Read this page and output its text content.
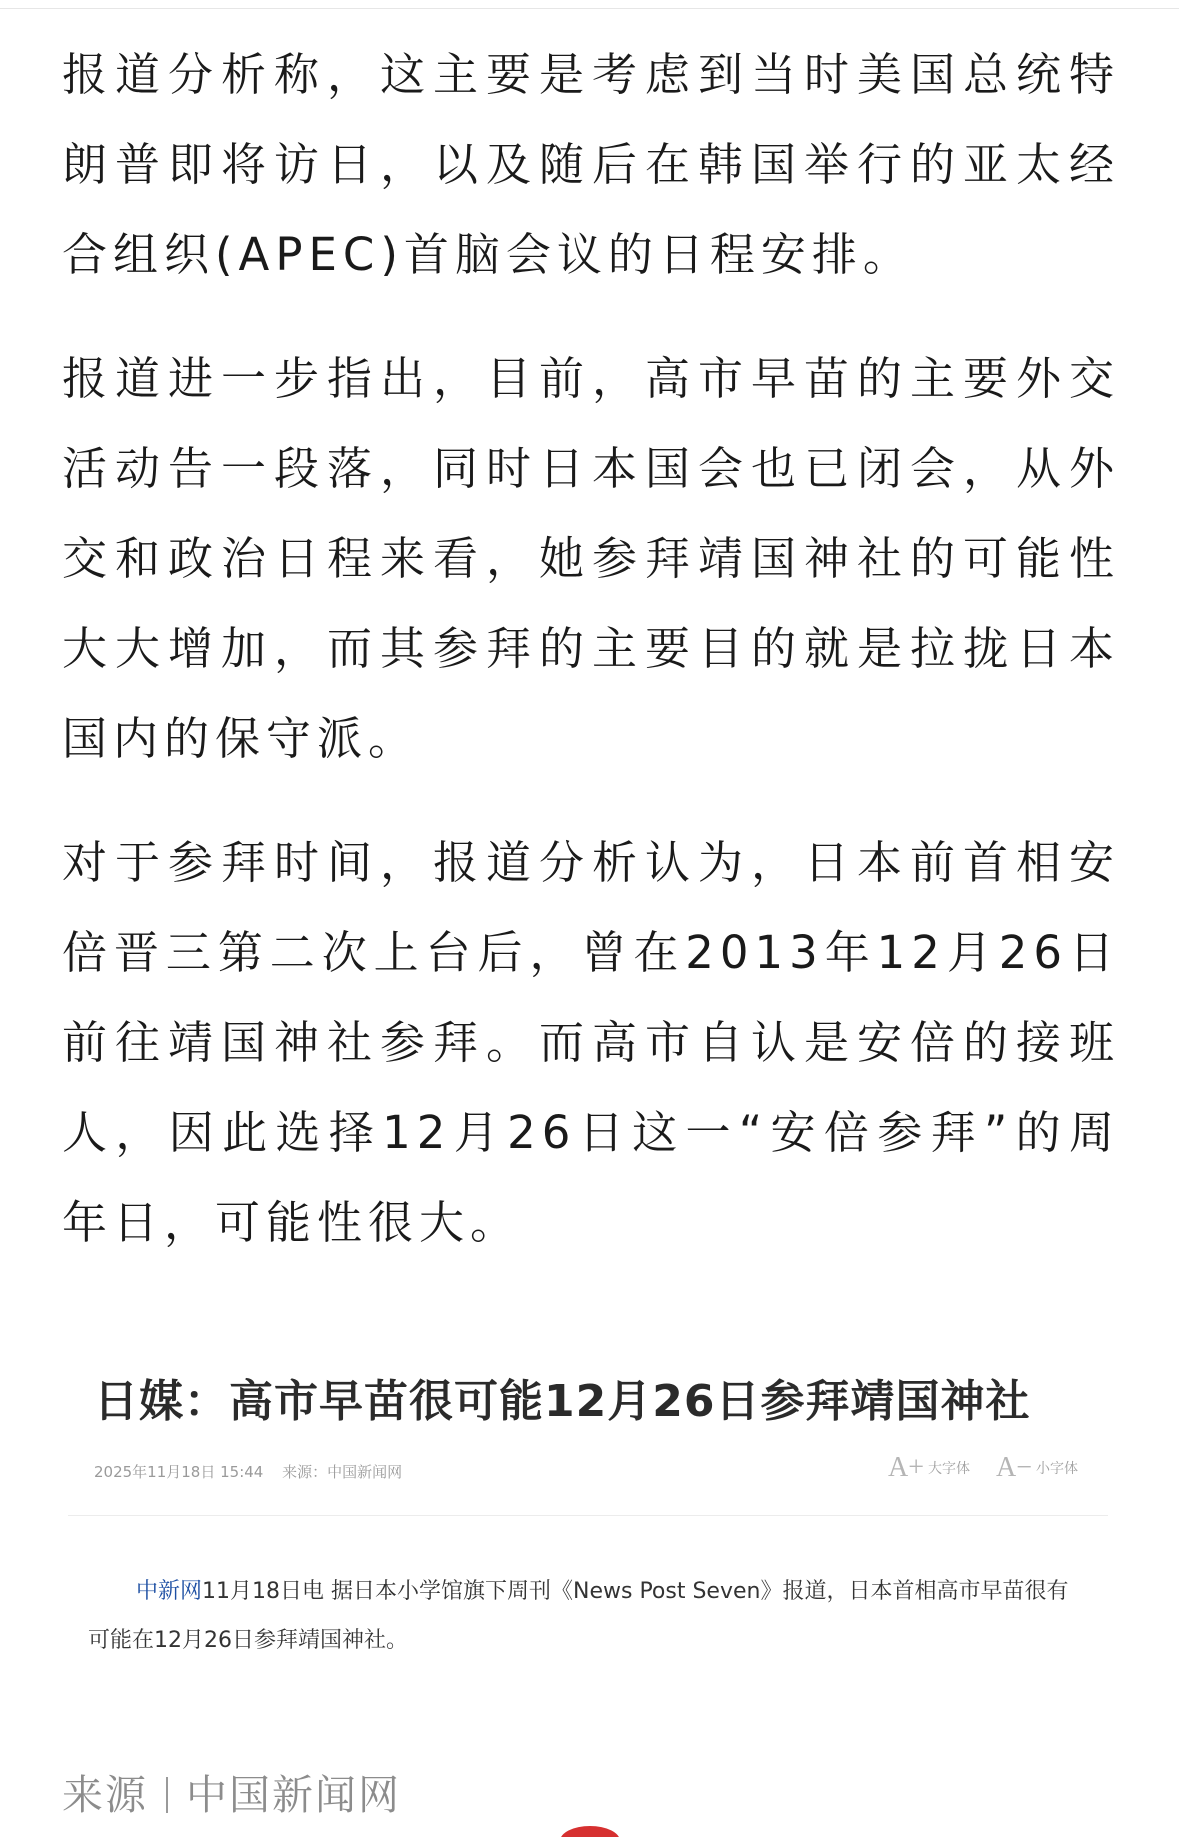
报道分析称，这主要是考虑到当时美国总统特朗普即将访日，以及随后在韩国举行的亚太经合组织(APEC)首脑会议的日程安排。

报道进一步指出，目前，高市早苗的主要外交活动告一段落，同时日本国会也已闭会，从外交和政治日程来看，她参拜靖国神社的可能性大大增加，而其参拜的主要目的就是拉拢日本国内的保守派。

对于参拜时间，报道分析认为，日本前首相安倍晋三第二次上台后，曾在2013年12月26日前往靖国神社参拜。而高市自认是安倍的接班人，因此选择12月26日这一“安倍参拜”的周年日，可能性很大。

日媒：高市早苗很可能12月26日参拜靖国神社
2025年11月18日 15:44 来源：中国新闻网	A+ 大字体 A− 小字体
中新网11月18日电 据日本小学馆旗下周刊《News Post Seven》报道，日本首相高市早苗很有可能在12月26日参拜靖国神社。
来源 中国新闻网
